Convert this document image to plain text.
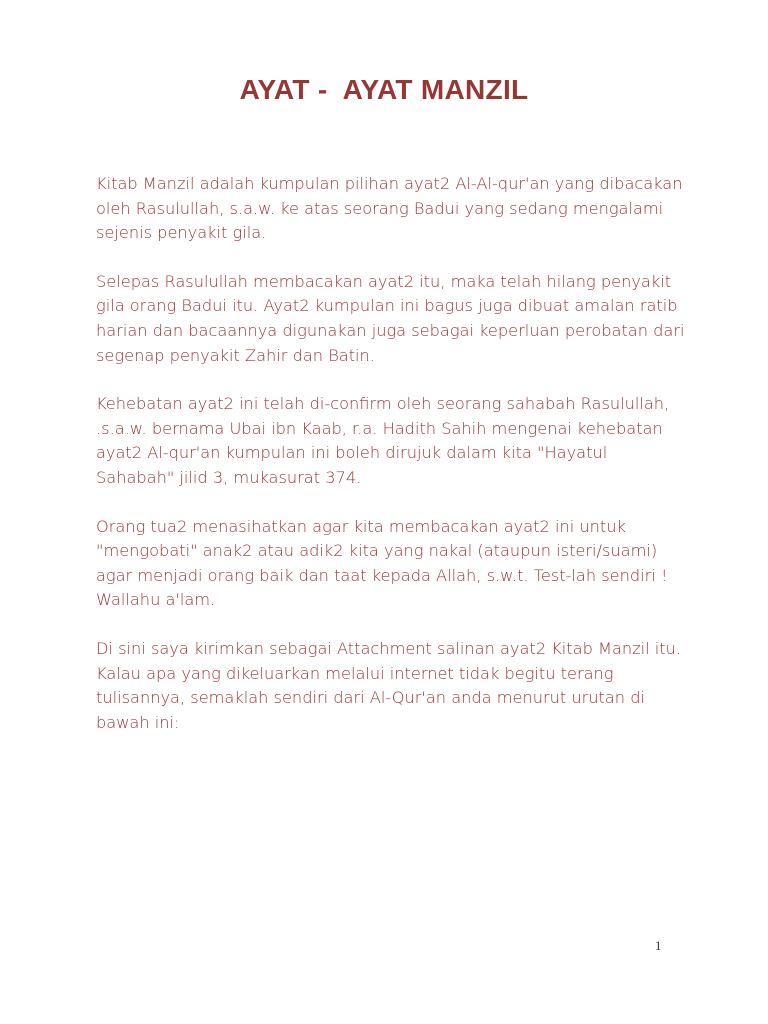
AYAT -  AYAT MANZIL

Kitab Manzil adalah kumpulan pilihan ayat2 Al-Al-qur'an yang dibacakan oleh Rasulullah, s.a.w. ke atas seorang Badui yang sedang mengalami sejenis penyakit gila.

Selepas Rasulullah membacakan ayat2 itu, maka telah hilang penyakit gila orang Badui itu. Ayat2 kumpulan ini bagus juga dibuat amalan ratib harian dan bacaannya digunakan juga sebagai keperluan perobatan dari segenap penyakit Zahir dan Batin.

Kehebatan ayat2 ini telah di-confirm oleh seorang sahabah Rasulullah, .s.a.w. bernama Ubai ibn Kaab, r.a. Hadith Sahih mengenai kehebatan ayat2 Al-qur'an kumpulan ini boleh dirujuk dalam kita "Hayatul Sahabah" jilid 3, mukasurat 374.

Orang tua2 menasihatkan agar kita membacakan ayat2 ini untuk "mengobati" anak2 atau adik2 kita yang nakal (ataupun isteri/suami) agar menjadi orang baik dan taat kepada Allah, s.w.t. Test-lah sendiri ! Wallahu a'lam.

Di sini saya kirimkan sebagai Attachment salinan ayat2 Kitab Manzil itu. Kalau apa yang dikeluarkan melalui internet tidak begitu terang tulisannya, semaklah sendiri dari Al-Qur'an anda menurut urutan di bawah ini:

1
